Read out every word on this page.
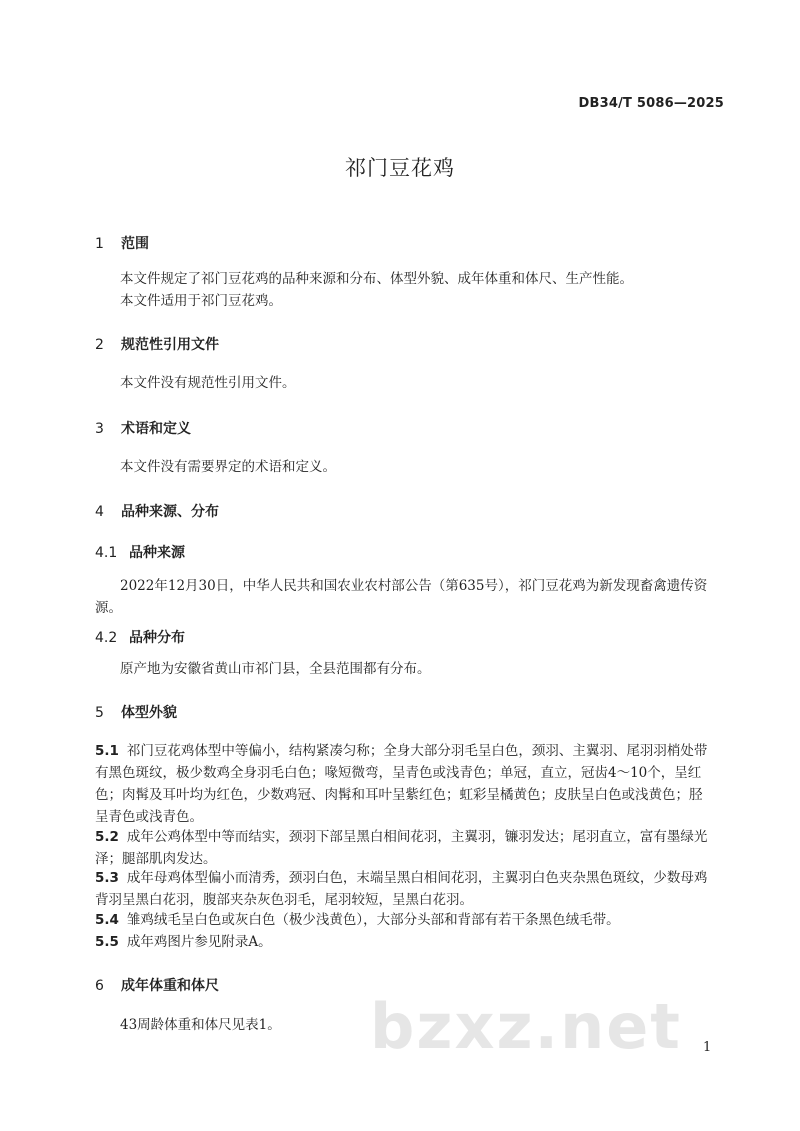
DB34/T 5086—2025
祁门豆花鸡
1 范围
本文件规定了祁门豆花鸡的品种来源和分布、体型外貌、成年体重和体尺、生产性能。
本文件适用于祁门豆花鸡。
2 规范性引用文件
本文件没有规范性引用文件。
3 术语和定义
本文件没有需要界定的术语和定义。
4 品种来源、分布
4.1 品种来源
2022年12月30日，中华人民共和国农业农村部公告（第635号），祁门豆花鸡为新发现畜禽遗传资源。
4.2 品种分布
原产地为安徽省黄山市祁门县，全县范围都有分布。
5 体型外貌
5.1 祁门豆花鸡体型中等偏小，结构紧凑匀称；全身大部分羽毛呈白色，颈羽、主翼羽、尾羽羽梢处带有黑色斑纹，极少数鸡全身羽毛白色；喙短微弯，呈青色或浅青色；单冠，直立，冠齿4～10个，呈红色；肉髯及耳叶均为红色，少数鸡冠、肉髯和耳叶呈紫红色；虹彩呈橘黄色；皮肤呈白色或浅黄色；胫呈青色或浅青色。
5.2 成年公鸡体型中等而结实，颈羽下部呈黑白相间花羽，主翼羽，镰羽发达；尾羽直立，富有墨绿光泽；腿部肌肉发达。
5.3 成年母鸡体型偏小而清秀，颈羽白色，末端呈黑白相间花羽，主翼羽白色夹杂黑色斑纹，少数母鸡背羽呈黑白花羽，腹部夹杂灰色羽毛，尾羽较短，呈黑白花羽。
5.4 雏鸡绒毛呈白色或灰白色（极少浅黄色），大部分头部和背部有若干条黑色绒毛带。
5.5 成年鸡图片参见附录A。
6 成年体重和体尺
43周龄体重和体尺见表1。	bzxz.net 1
